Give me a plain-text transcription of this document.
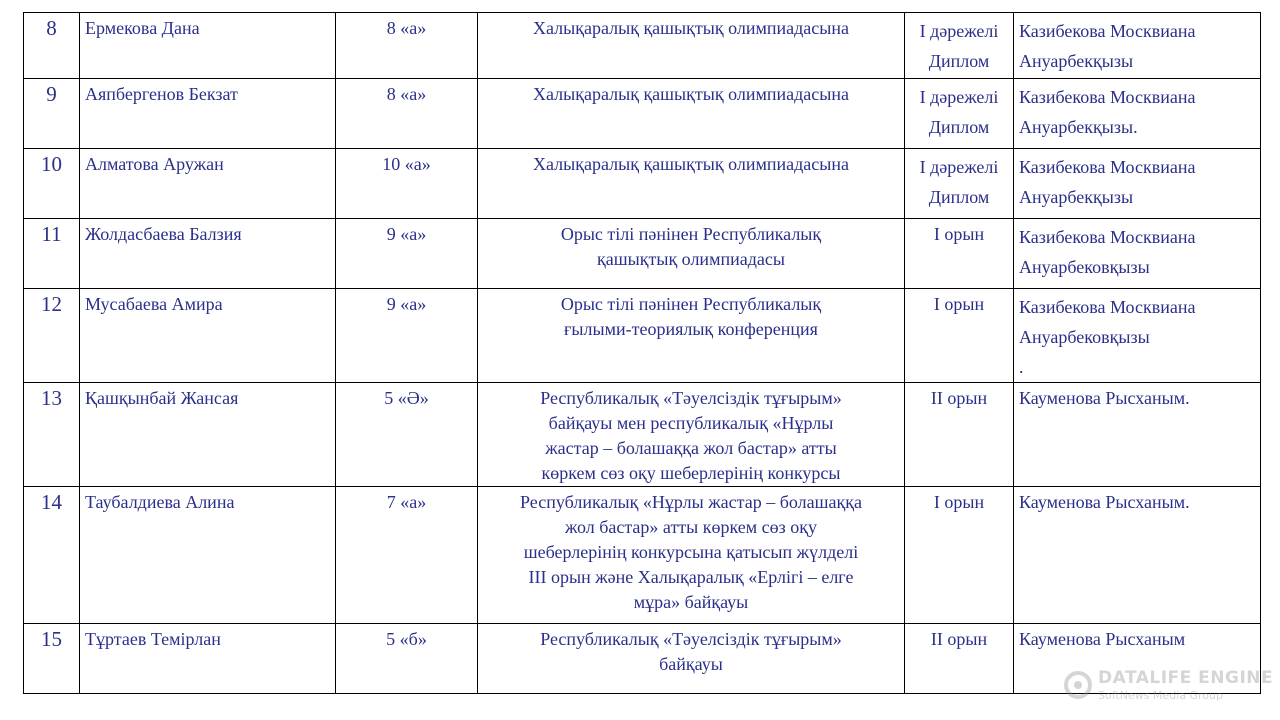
8	Ермекова Дана	8 «а»	Халықаралық қашықтық олимпиадасына	І дәрежелі
Диплом	Казибекова Москвиана
Ануарбекқызы

9	Аяпбергенов Бекзат	8 «а»	Халықаралық қашықтық олимпиадасына	І дәрежелі
Диплом	Казибекова Москвиана
Ануарбекқызы.

10	Алматова Аружан	10 «а»	Халықаралық қашықтық олимпиадасына	І дәрежелі
Диплом	Казибекова Москвиана
Ануарбекқызы

11	Жолдасбаева Балзия	9 «а»	Орыс тілі пәнінен Республикалық
қашықтық олимпиадасы	І орын	Казибекова Москвиана
Ануарбековқызы

12	Мусабаева Амира	9 «а»	Орыс тілі пәнінен Республикалық
ғылыми-теориялық конференция	І орын	Казибекова Москвиана
Ануарбековқызы
.

13	Қашқынбай Жансая	5 «Ә»	Республикалық «Тәуелсіздік тұғырым»
байқауы мен республикалық «Нұрлы
жастар – болашаққа жол бастар» атты
көркем сөз оқу шеберлерінің конкурсы	ІІ орын	Кауменова Рысханым.

14	Таубалдиева Алина	7 «а»	Республикалық «Нұрлы жастар – болашаққа
жол бастар» атты көркем сөз оқу
шеберлерінің конкурсына қатысып жүлделі
ІІІ орын және Халықаралық «Ерлігі – елге
мұра» байқауы	І орын	Кауменова Рысханым.

15	Тұртаев Темірлан	5 «б»	Республикалық «Тәуелсіздік тұғырым»
байқауы	ІІ орын	Кауменова Рысханым
DATALIFE ENGINE
SoftNews Media Group
